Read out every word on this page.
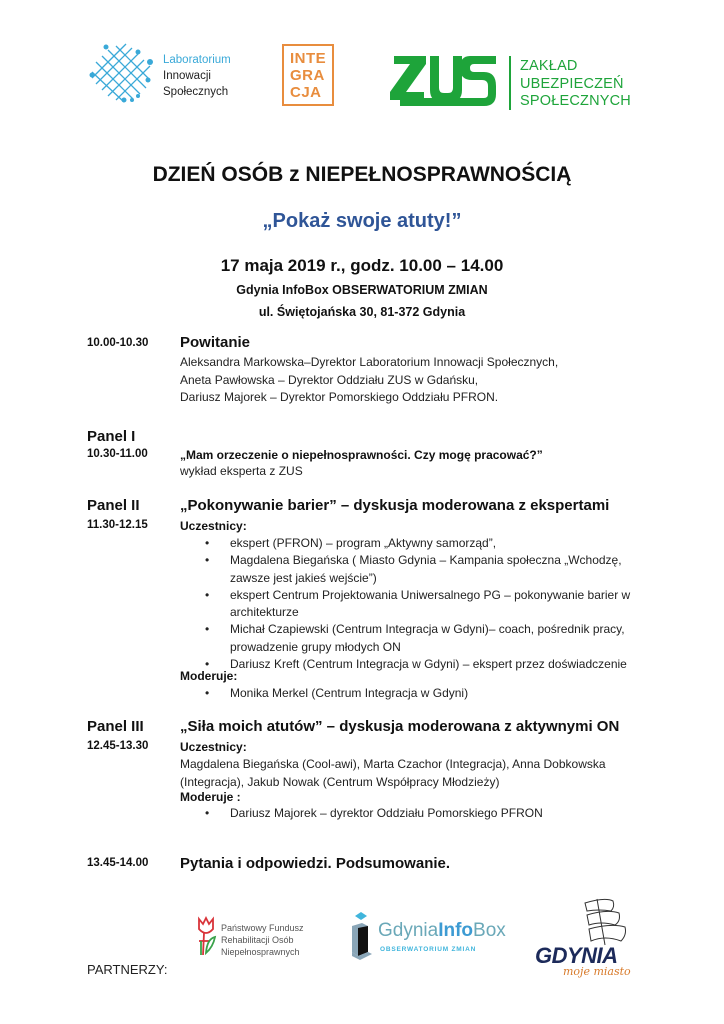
Laboratorium
Innowacji
Społecznych
INTE
GRA
CJA
ZAKŁAD
UBEZPIECZEŃ
SPOŁECZNYCH
DZIEŃ OSÓB z NIEPEŁNOSPRAWNOŚCIĄ
„Pokaż swoje atuty!”
17 maja 2019 r., godz. 10.00 – 14.00
Gdynia InfoBox OBSERWATORIUM ZMIAN
ul. Świętojańska 30, 81-372 Gdynia
10.00-10.30 Powitanie
Aleksandra Markowska–Dyrektor Laboratorium Innowacji Społecznych,
Aneta Pawłowska – Dyrektor Oddziału ZUS w Gdańsku,
Dariusz Majorek – Dyrektor Pomorskiego Oddziału PFRON.
Panel I
10.30-11.00	„Mam orzeczenie o niepełnosprawności. Czy mogę pracować?”
wykład eksperta z ZUS
Panel II	„Pokonywanie barier” – dyskusja moderowana z ekspertami
11.30-12.15	Uczestnicy:
• ekspert (PFRON) – program „Aktywny samorząd”,
• Magdalena Biegańska ( Miasto Gdynia – Kampania społeczna „Wchodzę, zawsze jest jakieś wejście”)
• ekspert Centrum Projektowania Uniwersalnego PG – pokonywanie barier w architekturze
• Michał Czapiewski (Centrum Integracja w Gdyni)– coach, pośrednik pracy, prowadzenie grupy młodych ON
• Dariusz Kreft (Centrum Integracja w Gdyni) – ekspert przez doświadczenie
Moderuje:
• Monika Merkel (Centrum Integracja w Gdyni)
Panel III „Siła moich atutów” – dyskusja moderowana z aktywnymi ON
12.45-13.30	Uczestnicy:
Magdalena Biegańska (Cool-awi), Marta Czachor (Integracja), Anna Dobkowska (Integracja), Jakub Nowak (Centrum Współpracy Młodzieży)
Moderuje :
• Dariusz Majorek – dyrektor Oddziału Pomorskiego PFRON
13.45-14.00 Pytania i odpowiedzi. Podsumowanie.
Państwowy Fundusz
Rehabilitacji Osób
Niepełnosprawnych
GdyniaInfoBox
OBSERWATORIUM ZMIAN	GDYNIA
moje miasto
PARTNERZY:
